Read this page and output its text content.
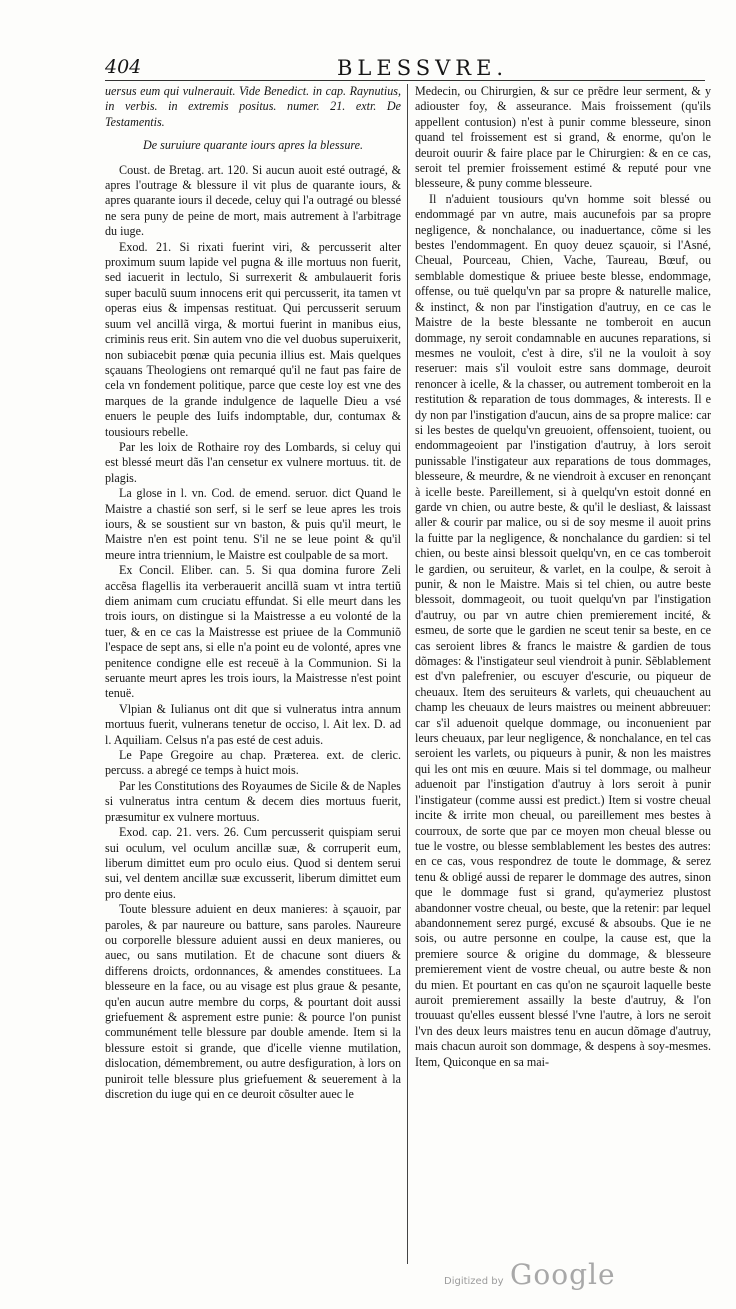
404	BLESSVRE.

uersus eum qui vulnerauit. Vide Benedict. in cap. Raynutius, in verbis. in extremis positus. numer. 21. extr. De Testamentis.

De suruiure quarante iours apres la blessure.

Coust. de Bretag. art. 120. Si aucun auoit esté outragé, & apres l'outrage & blessure il vit plus de quarante iours, & apres quarante iours il decede, celuy qui l'a outragé ou blessé ne sera puny de peine de mort, mais autrement à l'arbitrage du iuge.

Exod. 21. Si rixati fuerint viri, & percusserit alter proximum suum lapide vel pugna & ille mortuus non fuerit, sed iacuerit in lectulo, Si surrexerit & ambulauerit foris super baculũ suum innocens erit qui percusserit, ita tamen vt operas eius & impensas restituat. Qui percusserit seruum suum vel ancillã virga, & mortui fuerint in manibus eius, criminis reus erit. Sin autem vno die vel duobus superuixerit, non subiacebit pœnæ quia pecunia illius est. Mais quelques sçauans Theologiens ont remarqué qu'il ne faut pas faire de cela vn fondement politique, parce que ceste loy est vne des marques de la grande indulgence de laquelle Dieu a vsé enuers le peuple des Iuifs indomptable, dur, contumax & tousiours rebelle.

Par les loix de Rothaire roy des Lombards, si celuy qui est blessé meurt dãs l'an censetur ex vulnere mortuus. tit. de plagis.

La glose in l. vn. Cod. de emend. seruor. dict Quand le Maistre a chastié son serf, si le serf se leue apres les trois iours, & se soustient sur vn baston, & puis qu'il meurt, le Maistre n'en est point tenu. S'il ne se leue point & qu'il meure intra triennium, le Maistre est coulpable de sa mort.

Ex Concil. Eliber. can. 5. Si qua domina furore Zeli accẽsa flagellis ita verberauerit ancillã suam vt intra tertiũ diem animam cum cruciatu effundat. Si elle meurt dans les trois iours, on distingue si la Maistresse a eu volonté de la tuer, & en ce cas la Maistresse est priuee de la Communiõ l'espace de sept ans, si elle n'a point eu de volonté, apres vne penitence condigne elle est receuë à la Communion. Si la seruante meurt apres les trois iours, la Maistresse n'est point tenuë.

Vlpian & Iulianus ont dit que si vulneratus intra annum mortuus fuerit, vulnerans tenetur de occiso, l. Ait lex. D. ad l. Aquiliam. Celsus n'a pas esté de cest aduis.

Le Pape Gregoire au chap. Præterea. ext. de cleric. percuss. a abregé ce temps à huict mois.

Par les Constitutions des Royaumes de Sicile & de Naples si vulneratus intra centum & decem dies mortuus fuerit, præsumitur ex vulnere mortuus.

Exod. cap. 21. vers. 26. Cum percusserit quispiam serui sui oculum, vel oculum ancillæ suæ, & corruperit eum, liberum dimittet eum pro oculo eius. Quod si dentem serui sui, vel dentem ancillæ suæ excusserit, liberum dimittet eum pro dente eius.

Toute blessure aduient en deux manieres: à sçauoir, par paroles, & par naureure ou batture, sans paroles. Naureure ou corporelle blessure aduient aussi en deux manieres, ou auec, ou sans mutilation. Et de chacune sont diuers & differens droicts, ordonnances, & amendes constituees. La blesseure en la face, ou au visage est plus graue & pesante, qu'en aucun autre membre du corps, & pourtant doit aussi griefuement & asprement estre punie: & pource l'on punist communément telle blessure par double amende. Item si la blessure estoit si grande, que d'icelle vienne mutilation, dislocation, démembrement, ou autre desfiguration, à lors on puniroit telle blessure plus griefuement & seuerement à la discretion du iuge qui en ce deuroit cõsulter auec le

Medecin, ou Chirurgien, & sur ce prẽdre leur serment, & y adiouster foy, & asseurance. Mais froissement (qu'ils appellent contusion) n'est à punir comme blesseure, sinon quand tel froissement est si grand, & enorme, qu'on le deuroit ouurir & faire place par le Chirurgien: & en ce cas, seroit tel premier froissement estimé & reputé pour vne blesseure, & puny comme blesseure.

Il n'aduient tousiours qu'vn homme soit blessé ou endommagé par vn autre, mais aucunefois par sa propre negligence, & nonchalance, ou inaduertance, cõme si les bestes l'endommagent. En quoy deuez sçauoir, si l'Asné, Cheual, Pourceau, Chien, Vache, Taureau, Bœuf, ou semblable domestique & priuee beste blesse, endommage, offense, ou tuë quelqu'vn par sa propre & naturelle malice, & instinct, & non par l'instigation d'autruy, en ce cas le Maistre de la beste blessante ne tomberoit en aucun dommage, ny seroit condamnable en aucunes reparations, si mesmes ne vouloit, c'est à dire, s'il ne la vouloit à soy reseruer: mais s'il vouloit estre sans dommage, deuroit renoncer à icelle, & la chasser, ou autrement tomberoit en la restitution & reparation de tous dommages, & interests. Il e dy non par l'instigation d'aucun, ains de sa propre malice: car si les bestes de quelqu'vn greuoient, offensoient, tuoient, ou endommageoient par l'instigation d'autruy, à lors seroit punissable l'instigateur aux reparations de tous dommages, blesseure, & meurdre, & ne viendroit à excuser en renonçant à icelle beste. Pareillement, si à quelqu'vn estoit donné en garde vn chien, ou autre beste, & qu'il le desliast, & laissast aller & courir par malice, ou si de soy mesme il auoit prins la fuitte par la negligence, & nonchalance du gardien: si tel chien, ou beste ainsi blessoit quelqu'vn, en ce cas tomberoit le gardien, ou seruiteur, & varlet, en la coulpe, & seroit à punir, & non le Maistre. Mais si tel chien, ou autre beste blessoit, dommageoit, ou tuoit quelqu'vn par l'instigation d'autruy, ou par vn autre chien premierement incité, & esmeu, de sorte que le gardien ne sceut tenir sa beste, en ce cas seroient libres & francs le maistre & gardien de tous dõmages: & l'instigateur seul viendroit à punir. Sẽblablement est d'vn palefrenier, ou escuyer d'escurie, ou piqueur de cheuaux. Item des seruiteurs & varlets, qui cheuauchent au champ les cheuaux de leurs maistres ou meinent abbreuuer: car s'il aduenoit quelque dommage, ou inconuenient par leurs cheuaux, par leur negligence, & nonchalance, en tel cas seroient les varlets, ou piqueurs à punir, & non les maistres qui les ont mis en œuure. Mais si tel dommage, ou malheur aduenoit par l'instigation d'autruy à lors seroit à punir l'instigateur (comme aussi est predict.) Item si vostre cheual incite & irrite mon cheual, ou pareillement mes bestes à courroux, de sorte que par ce moyen mon cheual blesse ou tue le vostre, ou blesse semblablement les bestes des autres: en ce cas, vous respondrez de toute le dommage, & serez tenu & obligé aussi de reparer le dommage des autres, sinon que le dommage fust si grand, qu'aymeriez plustost abandonner vostre cheual, ou beste, que la retenir: par lequel abandonnement serez purgé, excusé & absoubs. Que ie ne sois, ou autre personne en coulpe, la cause est, que la premiere source & origine du dommage, & blesseure premierement vient de vostre cheual, ou autre beste & non du mien. Et pourtant en cas qu'on ne sçauroit laquelle beste auroit premierement assailly la beste d'autruy, & l'on trouuast qu'elles eussent blessé l'vne l'autre, à lors ne seroit l'vn des deux leurs maistres tenu en aucun dõmage d'autruy, mais chacun auroit son dommage, & despens à soy-mesmes. Item, Quiconque en sa mai-

Digitized by Google
